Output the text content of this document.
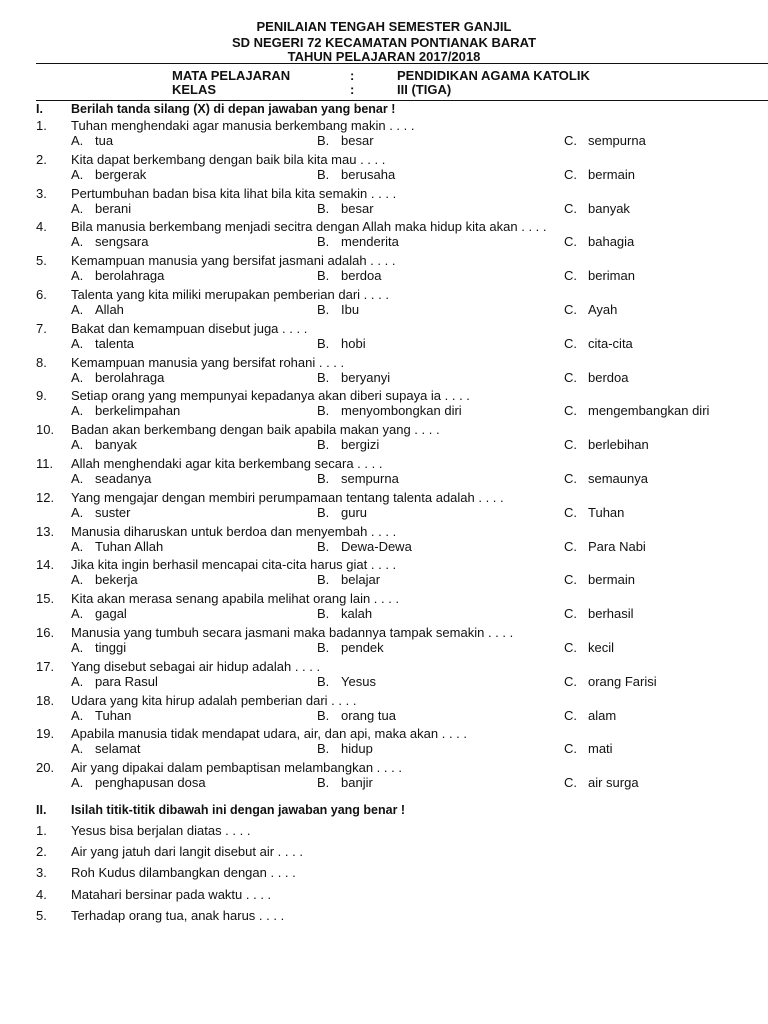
PENILAIAN TENGAH SEMESTER GANJIL
SD NEGERI 72 KECAMATAN PONTIANAK BARAT
TAHUN PELAJARAN 2017/2018
MATA PELAJARAN	:	PENDIDIKAN AGAMA KATOLIK
KELAS	:	III (TIGA)
I. Berilah tanda silang (X) di depan jawaban yang benar !
1. Tuhan menghendaki agar manusia berkembang makin . . . .
A. tua	B. besar	C. sempurna
2. Kita dapat berkembang dengan baik bila kita mau . . . .
A. bergerak	B. berusaha	C. bermain
3. Pertumbuhan badan bisa kita lihat bila kita semakin . . . .
A. berani	B. besar	C. banyak
4. Bila manusia berkembang menjadi secitra dengan Allah maka hidup kita akan . . . .
A. sengsara	B. menderita	C. bahagia
5. Kemampuan manusia yang bersifat jasmani adalah . . . .
A. berolahraga	B. berdoa	C. beriman
6. Talenta yang kita miliki merupakan pemberian dari . . . .
A. Allah	B. Ibu	C. Ayah
7. Bakat dan kemampuan disebut juga . . . .
A. talenta	B. hobi	C. cita-cita
8. Kemampuan manusia yang bersifat rohani . . . .
A. berolahraga	B. beryanyi	C. berdoa
9. Setiap orang yang mempunyai kepadanya akan diberi supaya ia . . . .
A. berkelimpahan	B. menyombongkan diri	C. mengembangkan diri
10. Badan akan berkembang dengan baik apabila makan yang . . . .
A. banyak	B. bergizi	C. berlebihan
11. Allah menghendaki agar kita berkembang secara . . . .
A. seadanya	B. sempurna	C. semaunya
12. Yang mengajar dengan membiri perumpamaan tentang talenta adalah . . . .
A. suster	B. guru	C. Tuhan
13. Manusia diharuskan untuk berdoa dan menyembah . . . .
A. Tuhan Allah	B. Dewa-Dewa	C. Para Nabi
14. Jika kita ingin berhasil mencapai cita-cita harus giat . . . .
A. bekerja	B. belajar	C. bermain
15. Kita akan merasa senang apabila melihat orang lain . . . .
A. gagal	B. kalah	C. berhasil
16. Manusia yang tumbuh secara jasmani maka badannya tampak semakin . . . .
A. tinggi	B. pendek	C. kecil
17. Yang disebut sebagai air hidup adalah . . . .
A. para Rasul	B. Yesus	C. orang Farisi
18. Udara yang kita hirup adalah pemberian dari . . . .
A. Tuhan	B. orang tua	C. alam
19. Apabila manusia tidak mendapat udara, air, dan api, maka akan . . . .
A. selamat	B. hidup	C. mati
20. Air yang dipakai dalam pembaptisan melambangkan . . . .
A. penghapusan dosa	B. banjir	C. air surga
II. Isilah titik-titik dibawah ini dengan jawaban yang benar !
1. Yesus bisa berjalan diatas . . . .
2. Air yang jatuh dari langit disebut air . . . .
3. Roh Kudus dilambangkan dengan . . . .
4. Matahari bersinar pada waktu . . . .
5. Terhadap orang tua, anak harus . . . .
